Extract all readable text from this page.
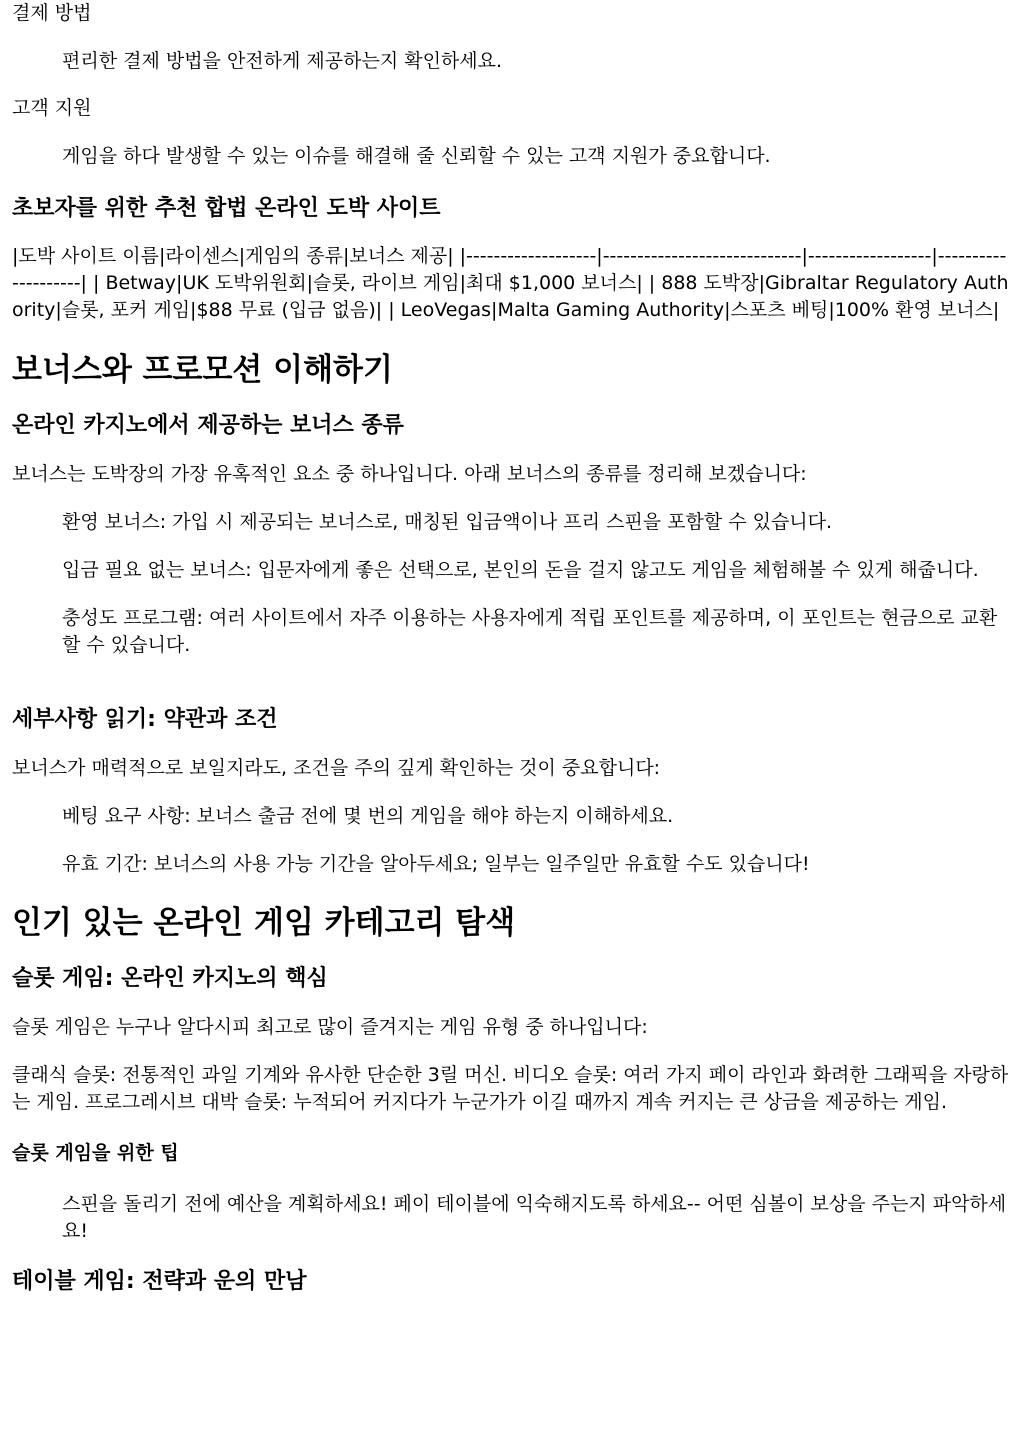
결제 방법

편리한 결제 방법을 안전하게 제공하는지 확인하세요.

고객 지원

게임을 하다 발생할 수 있는 이슈를 해결해 줄 신뢰할 수 있는 고객 지원가 중요합니다.

초보자를 위한 추천 합법 온라인 도박 사이트

|도박 사이트 이름|라이센스|게임의 종류|보너스 제공| |-------------------|-----------------------------|------------------|--------------------| | Betway|UK 도박위원회|슬롯, 라이브 게임|최대 $1,000 보너스| | 888 도박장|Gibraltar Regulatory Authority|슬롯, 포커 게임|$88 무료 (입금 없음)| | LeoVegas|Malta Gaming Authority|스포츠 베팅|100% 환영 보너스|

보너스와 프로모션 이해하기
온라인 카지노에서 제공하는 보너스 종류

보너스는 도박장의 가장 유혹적인 요소 중 하나입니다. 아래 보너스의 종류를 정리해 보겠습니다:

환영 보너스: 가입 시 제공되는 보너스로, 매칭된 입금액이나 프리 스핀을 포함할 수 있습니다.

입금 필요 없는 보너스: 입문자에게 좋은 선택으로, 본인의 돈을 걸지 않고도 게임을 체험해볼 수 있게 해줍니다.

충성도 프로그램: 여러 사이트에서 자주 이용하는 사용자에게 적립 포인트를 제공하며, 이 포인트는 현금으로 교환할 수 있습니다.

세부사항 읽기: 약관과 조건

보너스가 매력적으로 보일지라도, 조건을 주의 깊게 확인하는 것이 중요합니다:

베팅 요구 사항: 보너스 출금 전에 몇 번의 게임을 해야 하는지 이해하세요.

유효 기간: 보너스의 사용 가능 기간을 알아두세요; 일부는 일주일만 유효할 수도 있습니다!

인기 있는 온라인 게임 카테고리 탐색
슬롯 게임: 온라인 카지노의 핵심

슬롯 게임은 누구나 알다시피 최고로 많이 즐겨지는 게임 유형 중 하나입니다:

클래식 슬롯: 전통적인 과일 기계와 유사한 단순한 3릴 머신. 비디오 슬롯: 여러 가지 페이 라인과 화려한 그래픽을 자랑하는 게임. 프로그레시브 대박 슬롯: 누적되어 커지다가 누군가가 이길 때까지 계속 커지는 큰 상금을 제공하는 게임.

슬롯 게임을 위한 팁

스핀을 돌리기 전에 예산을 계획하세요! 페이 테이블에 익숙해지도록 하세요-- 어떤 심볼이 보상을 주는지 파악하세요!

테이블 게임: 전략과 운의 만남
